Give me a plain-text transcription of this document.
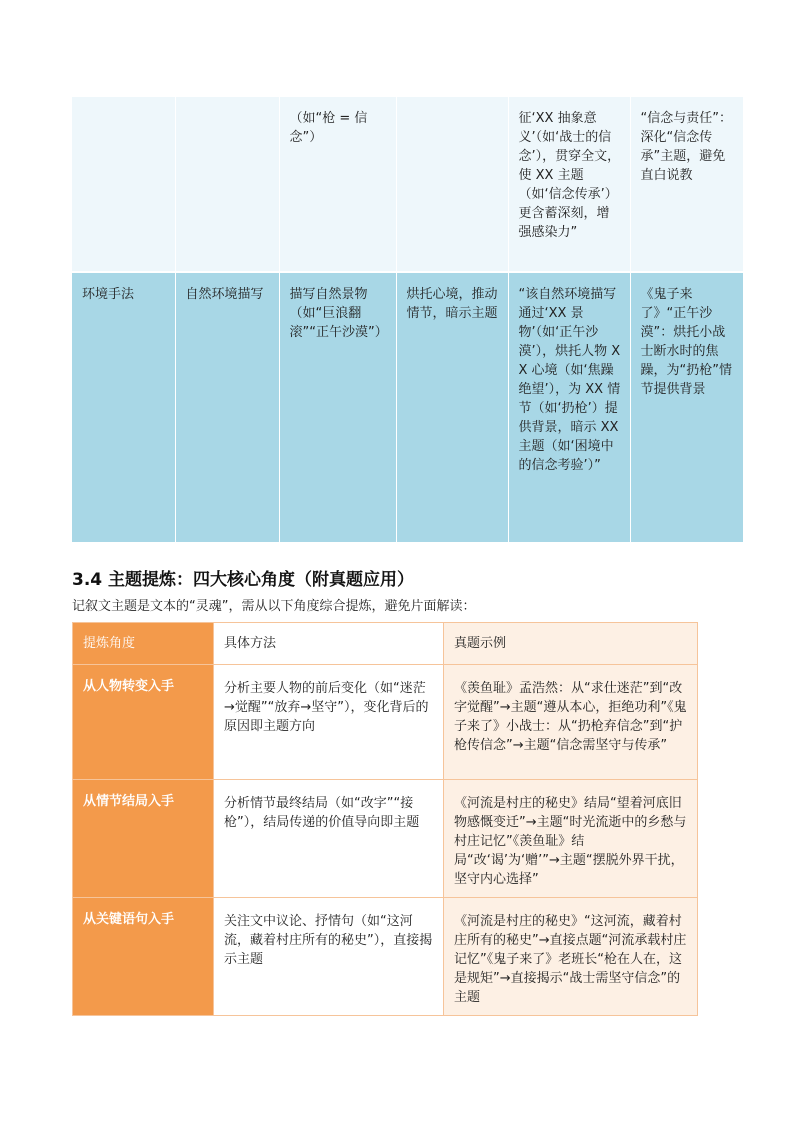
		（如“枪 = 信念”）		征‘XX 抽象意义’（如‘战士的信念’），贯穿全文，使 XX 主题（如‘信念传承’）更含蓄深刻，增强感染力”	“信念与责任”：深化“信念传承”主题，避免直白说教
环境手法	自然环境描写	描写自然景物（如“巨浪翻滚”“正午沙漠”）	烘托心境，推动情节，暗示主题	“该自然环境描写通过‘XX 景物’（如‘正午沙漠’），烘托人物 XX 心境（如‘焦躁绝望’），为 XX 情节（如‘扔枪’）提供背景，暗示 XX 主题（如‘困境中的信念考验’）”	《鬼子来了》“正午沙漠”：烘托小战士断水时的焦躁，为“扔枪”情节提供背景
3.4 主题提炼：四大核心角度（附真题应用）

记叙文主题是文本的“灵魂”，需从以下角度综合提炼，避免片面解读：

提炼角度	具体方法	真题示例
从人物转变入手	分析主要人物的前后变化（如“迷茫→觉醒”“放弃→坚守”），变化背后的原因即主题方向	《羡鱼耻》孟浩然：从“求仕迷茫”到“改字觉醒”→主题“遵从本心，拒绝功利”《鬼子来了》小战士：从“扔枪弃信念”到“护枪传信念”→主题“信念需坚守与传承”
从情节结局入手	分析情节最终结局（如“改字”“接枪”），结局传递的价值导向即主题	《河流是村庄的秘史》结局“望着河底旧物感慨变迁”→主题“时光流逝中的乡愁与村庄记忆”《羡鱼耻》结局“改‘谒’为‘赠’”→主题“摆脱外界干扰，坚守内心选择”
从关键语句入手	关注文中议论、抒情句（如“这河流，藏着村庄所有的秘史”），直接揭示主题	《河流是村庄的秘史》“这河流，藏着村庄所有的秘史”→直接点题“河流承载村庄记忆”《鬼子来了》老班长“枪在人在，这是规矩”→直接揭示“战士需坚守信念”的主题
